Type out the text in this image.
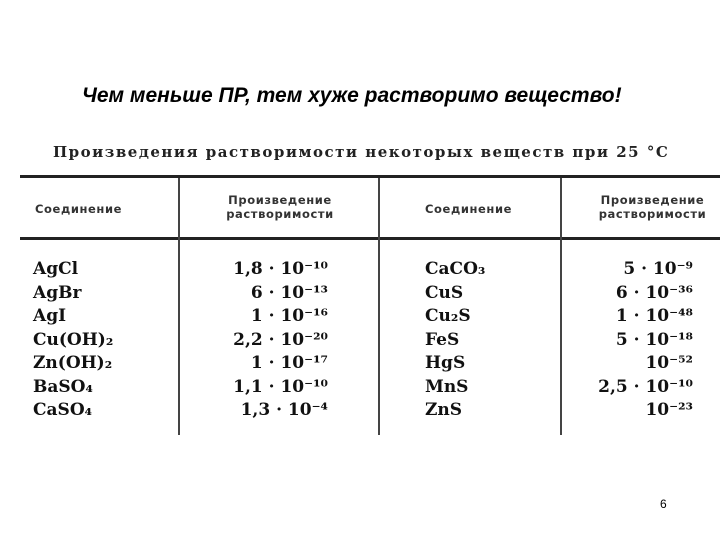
Чем меньше ПР, тем хуже растворимо вещество!
Произведения растворимости некоторых веществ при 25 °С
Соединение
Произведение
растворимости	Соединение
Произведение
растворимости
AgCl
AgBr
AgI
Cu(OH)₂
Zn(OH)₂
BaSO₄
CaSO₄
1,8 · 10⁻¹⁰
6 · 10⁻¹³
1 · 10⁻¹⁶
2,2 · 10⁻²⁰
1 · 10⁻¹⁷
1,1 · 10⁻¹⁰
1,3 · 10⁻⁴
CaCO₃
CuS
Cu₂S
FeS
HgS
MnS
ZnS
5 · 10⁻⁹
6 · 10⁻³⁶
1 · 10⁻⁴⁸
5 · 10⁻¹⁸
10⁻⁵²
2,5 · 10⁻¹⁰
10⁻²³
6
